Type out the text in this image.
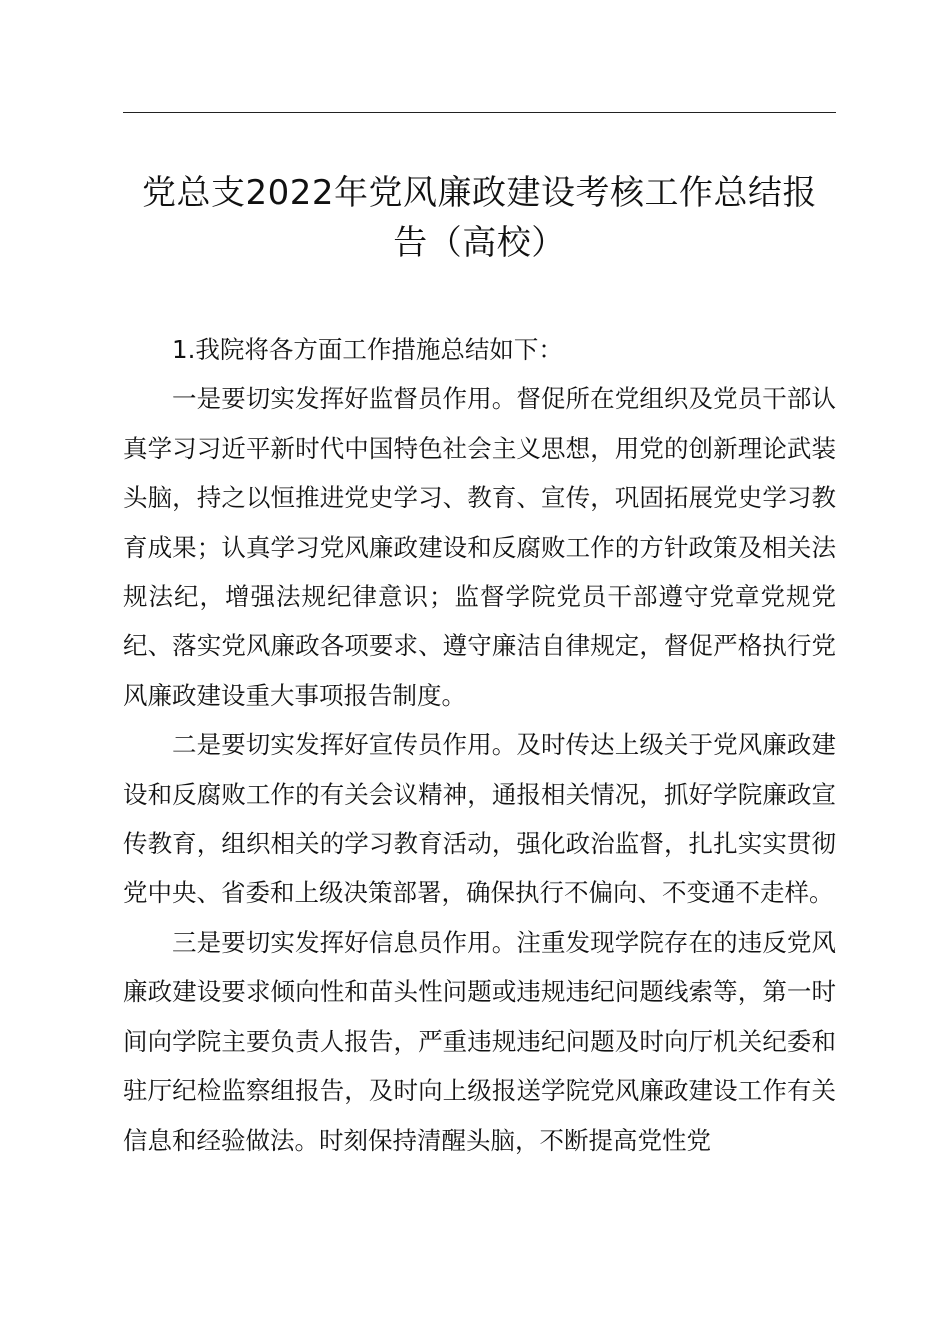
党总支2022年党风廉政建设考核工作总结报
告（高校）

1.我院将各方面工作措施总结如下：

一是要切实发挥好监督员作用。督促所在党组织及党员干部认真学习习近平新时代中国特色社会主义思想，用党的创新理论武装头脑，持之以恒推进党史学习、教育、宣传，巩固拓展党史学习教育成果；认真学习党风廉政建设和反腐败工作的方针政策及相关法规法纪，增强法规纪律意识；监督学院党员干部遵守党章党规党纪、落实党风廉政各项要求、遵守廉洁自律规定，督促严格执行党风廉政建设重大事项报告制度。

二是要切实发挥好宣传员作用。及时传达上级关于党风廉政建设和反腐败工作的有关会议精神，通报相关情况，抓好学院廉政宣传教育，组织相关的学习教育活动，强化政治监督，扎扎实实贯彻党中央、省委和上级决策部署，确保执行不偏向、不变通不走样。

三是要切实发挥好信息员作用。注重发现学院存在的违反党风廉政建设要求倾向性和苗头性问题或违规违纪问题线索等，第一时间向学院主要负责人报告，严重违规违纪问题及时向厅机关纪委和驻厅纪检监察组报告，及时向上级报送学院党风廉政建设工作有关信息和经验做法。时刻保持清醒头脑，不断提高党性党
